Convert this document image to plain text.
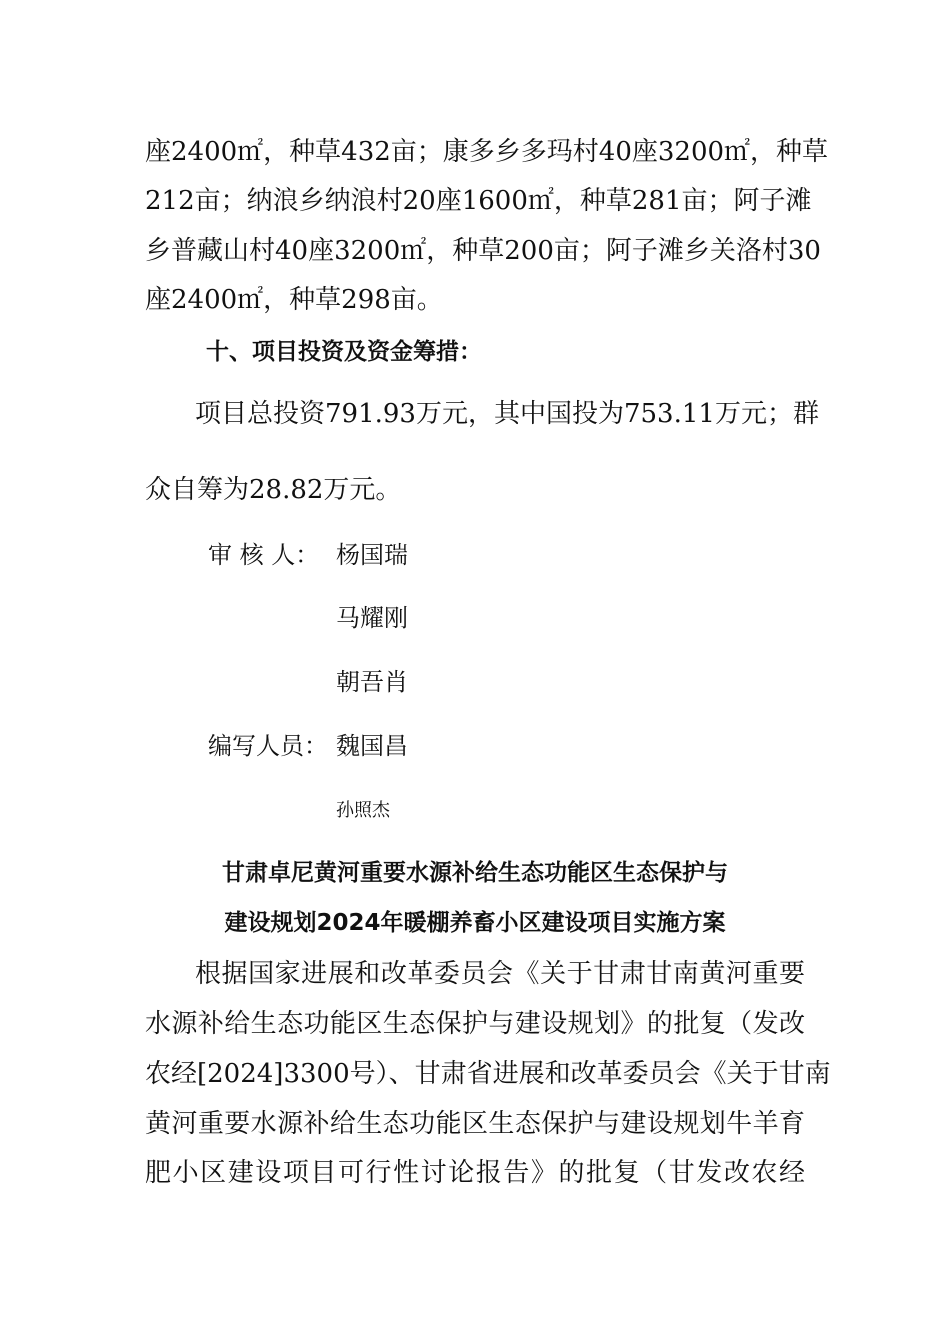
座2400㎡，种草432亩；康多乡多玛村40座3200㎡，种草
212亩；纳浪乡纳浪村20座1600㎡，种草281亩；阿子滩
乡普藏山村40座3200㎡，种草200亩；阿子滩乡关洛村30
座2400㎡，种草298亩。
十、项目投资及资金筹措：
项目总投资791.93万元，其中国投为753.11万元；群
众自筹为28.82万元。
审 核 人： 杨国瑞
马耀刚
朝吾肖
编写人员： 魏国昌
孙照杰
甘肃卓尼黄河重要水源补给生态功能区生态保护与
建设规划2024年暖棚养畜小区建设项目实施方案
根据国家进展和改革委员会《关于甘肃甘南黄河重要
水源补给生态功能区生态保护与建设规划》的批复（发改
农经[2024]3300号）、甘肃省进展和改革委员会《关于甘南
黄河重要水源补给生态功能区生态保护与建设规划牛羊育
肥小区建设项目可行性讨论报告》的批复（甘发改农经
